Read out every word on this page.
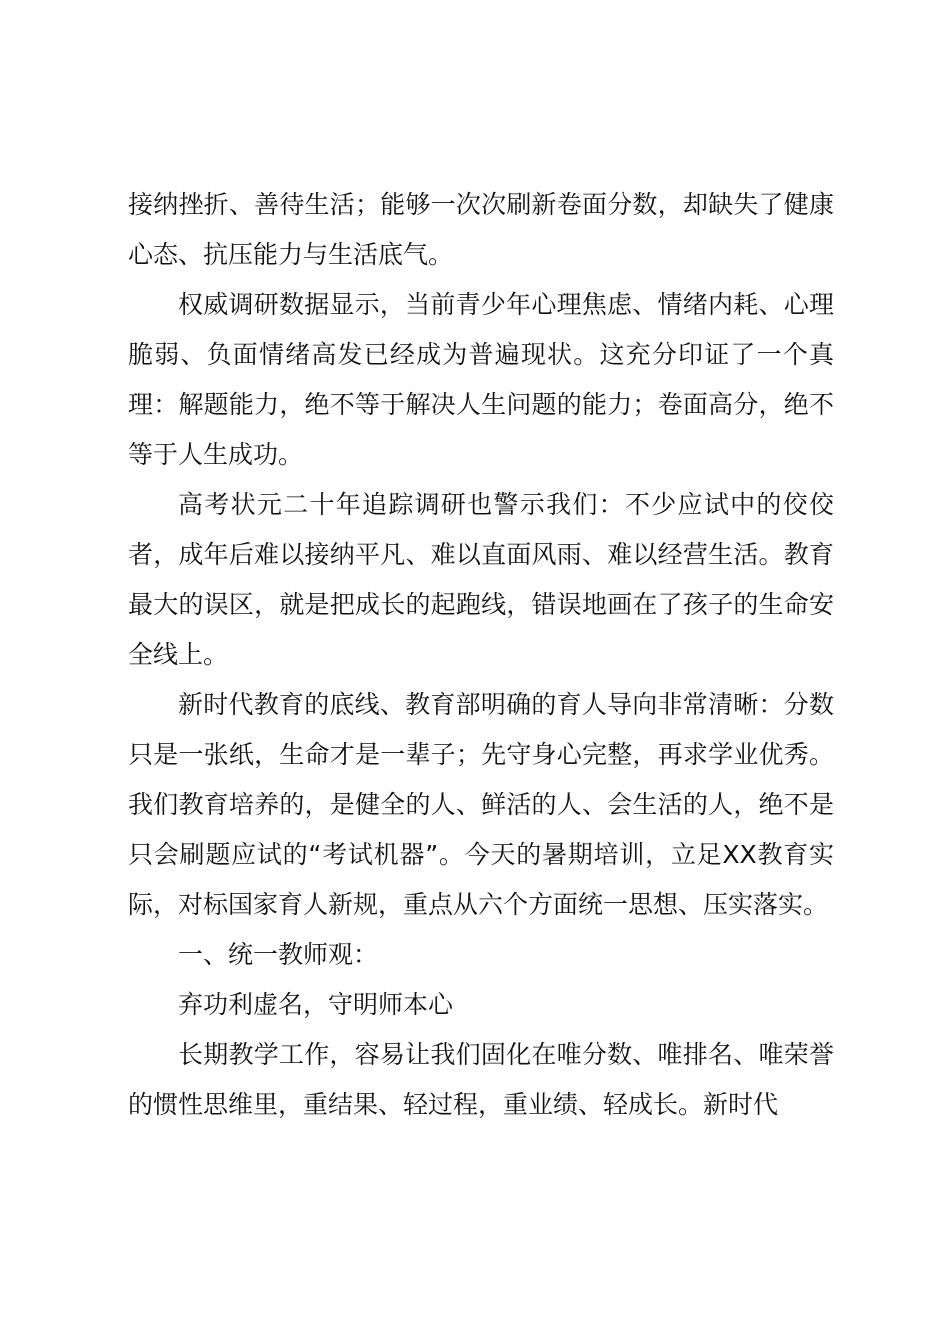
接纳挫折、善待生活；能够一次次刷新卷面分数，却缺失了健康心态、抗压能力与生活底气。

权威调研数据显示，当前青少年心理焦虑、情绪内耗、心理脆弱、负面情绪高发已经成为普遍现状。这充分印证了一个真理：解题能力，绝不等于解决人生问题的能力；卷面高分，绝不等于人生成功。

高考状元二十年追踪调研也警示我们：不少应试中的佼佼者，成年后难以接纳平凡、难以直面风雨、难以经营生活。教育最大的误区，就是把成长的起跑线，错误地画在了孩子的生命安全线上。

新时代教育的底线、教育部明确的育人导向非常清晰：分数只是一张纸，生命才是一辈子；先守身心完整，再求学业优秀。我们教育培养的，是健全的人、鲜活的人、会生活的人，绝不是只会刷题应试的“考试机器”。今天的暑期培训，立足XX教育实际，对标国家育人新规，重点从六个方面统一思想、压实落实。

一、统一教师观：

弃功利虚名，守明师本心

长期教学工作，容易让我们固化在唯分数、唯排名、唯荣誉的惯性思维里，重结果、轻过程，重业绩、轻成长。新时代
